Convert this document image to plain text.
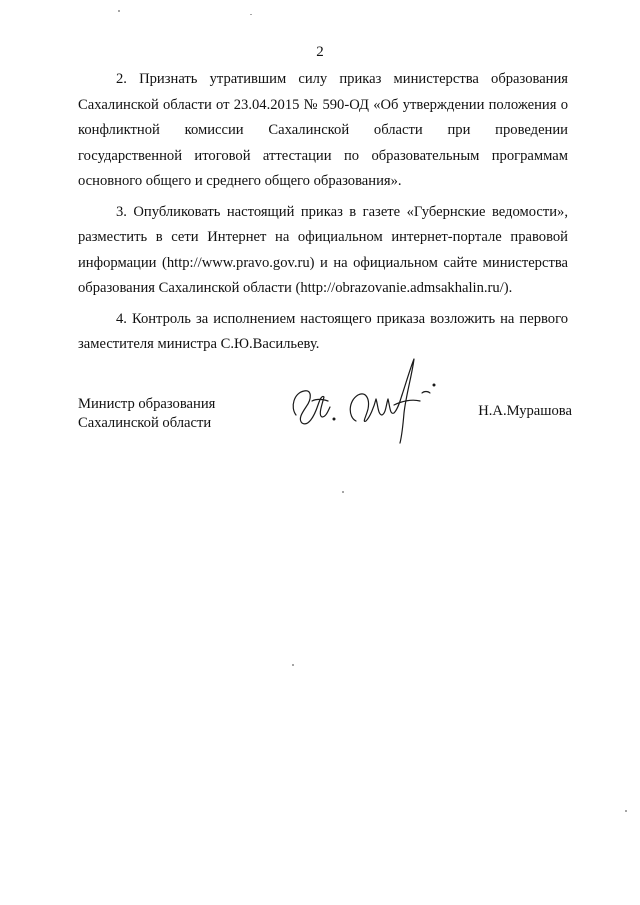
2

2. Признать утратившим силу приказ министерства образования Сахалинской области от 23.04.2015 № 590-ОД «Об утверждении положения о конфликтной комиссии Сахалинской области при проведении государственной итоговой аттестации по образовательным программам основного общего и среднего общего образования».

3. Опубликовать настоящий приказ в газете «Губернские ведомости», разместить в сети Интернет на официальном интернет-портале правовой информации (http://www.pravo.gov.ru) и на официальном сайте министерства образования Сахалинской области (http://obrazovanie.admsakhalin.ru/).

4. Контроль за исполнением настоящего приказа возложить на первого заместителя министра С.Ю.Васильеву.

Министр образования
Сахалинской области
Н.А.Мурашова
